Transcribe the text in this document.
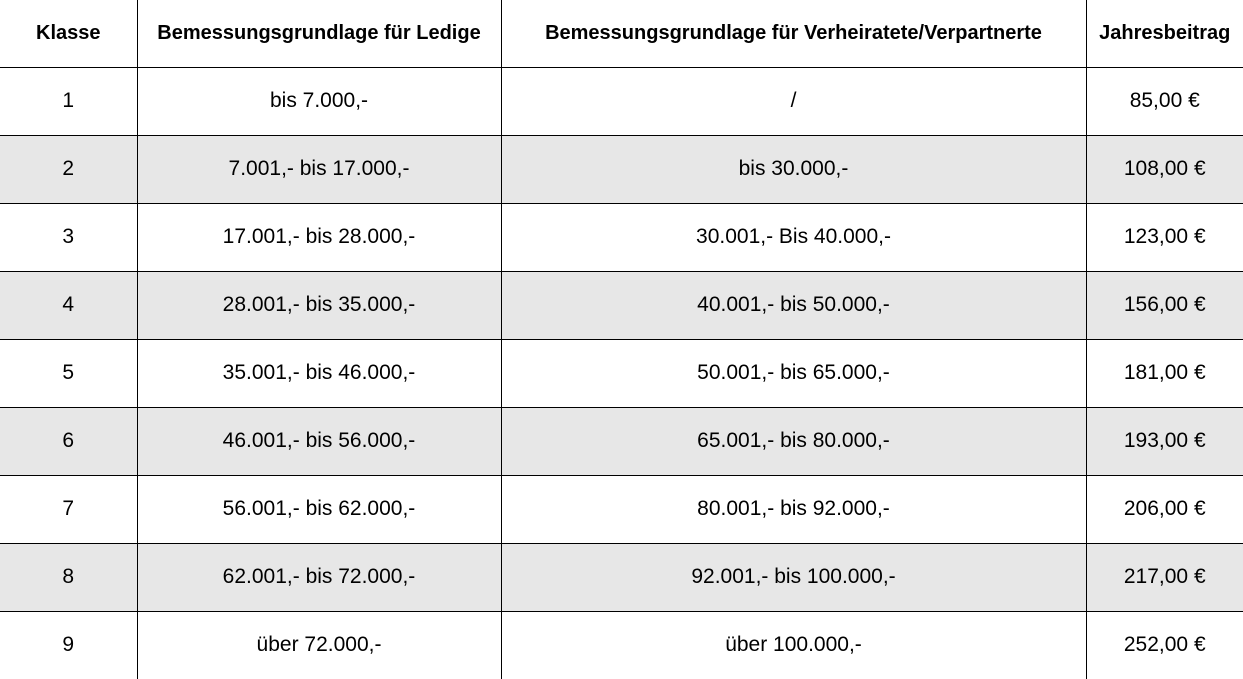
Klasse	Bemessungsgrundlage für Ledige	Bemessungsgrundlage für Verheiratete/Verpartnerte	Jahresbeitrag
1	bis 7.000,-	/	85,00 €
2	7.001,- bis 17.000,-	bis 30.000,-	108,00 €
3	17.001,- bis 28.000,-	30.001,- Bis 40.000,-	123,00 €
4	28.001,- bis 35.000,-	40.001,- bis 50.000,-	156,00 €
5	35.001,- bis 46.000,-	50.001,- bis 65.000,-	181,00 €
6	46.001,- bis 56.000,-	65.001,- bis 80.000,-	193,00 €
7	56.001,- bis 62.000,-	80.001,- bis 92.000,-	206,00 €
8	62.001,- bis 72.000,-	92.001,- bis 100.000,-	217,00 €
9	über 72.000,-	über 100.000,-	252,00 €
